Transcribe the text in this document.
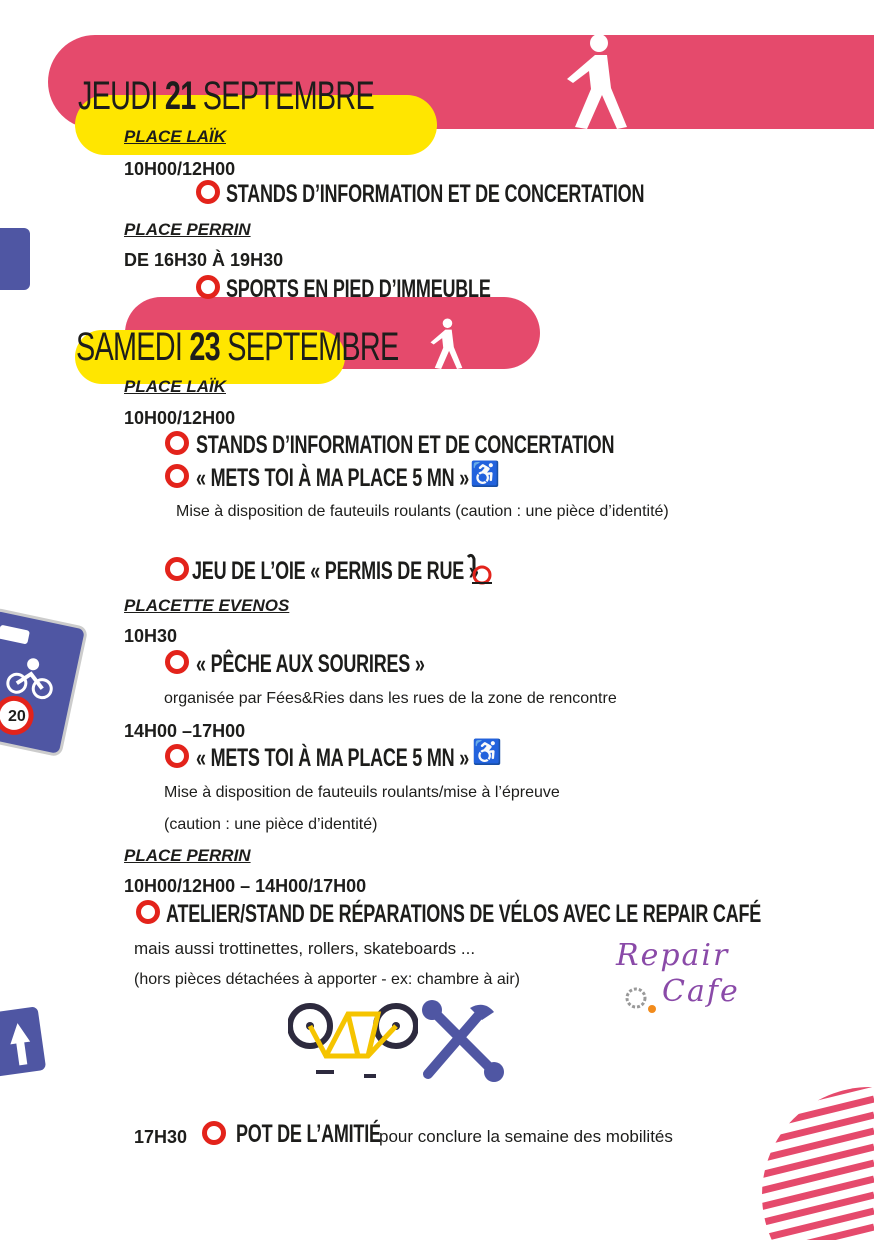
20
JEUDI 21 SEPTEMBRE
PLACE LAÏK
10H00/12H00
STANDS D’INFORMATION ET DE CONCERTATION
PLACE PERRIN
DE 16H30 À 19H30
SPORTS EN PIED D’IMMEUBLE
SAMEDI 23 SEPTEMBRE
PLACE LAÏK
10H00/12H00
STANDS D’INFORMATION ET DE CONCERTATION
« METS TOI À MA PLACE 5 MN » ♿
Mise à disposition de fauteuils roulants (caution : une pièce d’identité)
JEU DE L’OIE « PERMIS DE RUE »
PLACETTE EVENOS
10H30
« PÊCHE AUX SOURIRES »
organisée par Fées&Ries dans les rues de la zone de rencontre
14H00 –17H00
« METS TOI À MA PLACE 5 MN » ♿
Mise à disposition de fauteuils roulants/mise à l’épreuve
(caution : une pièce d’identité)
PLACE PERRIN
10H00/12H00 – 14H00/17H00
ATELIER/STAND DE RÉPARATIONS DE VÉLOS AVEC LE REPAIR CAFÉ
mais aussi trottinettes, rollers, skateboards ...
(hors pièces détachées à apporter - ex: chambre à air)
Repair
Cafe
17H30 POT DE L’AMITIÉ
pour conclure la semaine des mobilités
